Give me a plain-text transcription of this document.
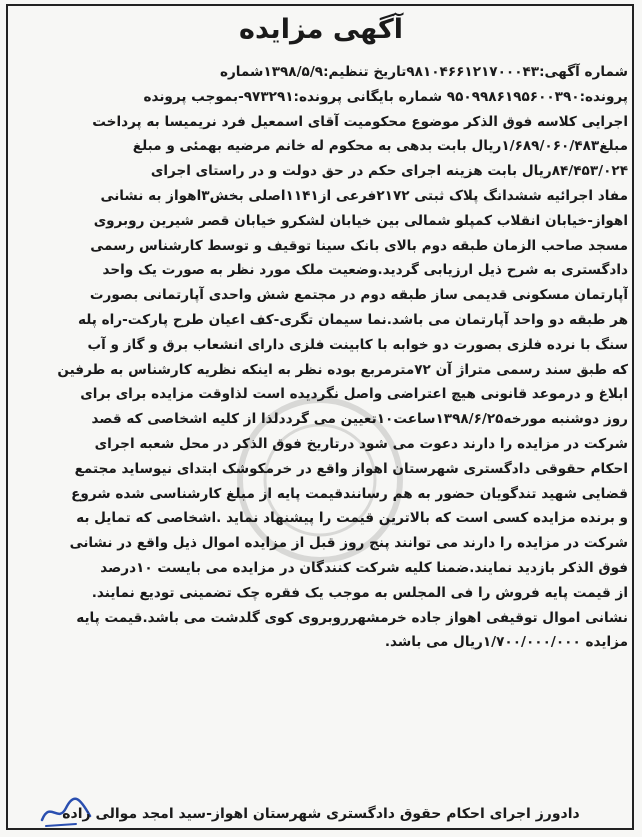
آگهی مزایده
شماره آگهی:۹۸۱۰۴۶۶۱۲۱۷۰۰۰۴۳تاریخ تنظیم:۱۳۹۸/۵/۹شماره
پرونده:۹۵۰۹۹۸۶۱۹۵۶۰۰۳۹۰ شماره بایگانی پرونده:۹۷۳۲۹۱-بموجب پرونده
اجرایی کلاسه فوق الذکر موضوع محکومیت آقای اسمعیل فرد نریمیسا به پرداخت
مبلغ۱/۶۸۹/۰۶۰/۴۸۳ریال بابت بدهی به محکوم له خانم مرضیه بهمئی و مبلغ
۸۴/۴۵۳/۰۲۴ریال بابت هزینه اجرای حکم در حق دولت و در راستای اجرای
مفاد اجرائیه ششدانگ پلاک ثبتی ۲۱۷۲فرعی از۱۱۴۱اصلی بخش۳اهواز به نشانی
اهواز-خیابان انقلاب کمپلو شمالی بین خیابان لشکرو خیابان قصر شیرین روبروی
مسجد صاحب الزمان طبقه دوم بالای بانک سینا توقیف و توسط کارشناس رسمی
دادگستری به شرح ذیل ارزیابی گردید.وضعیت ملک مورد نظر به صورت یک واحد
آپارتمان مسکونی قدیمی ساز طبقه دوم در مجتمع شش واحدی آپارتمانی بصورت
هر طبقه دو واحد آپارتمان می باشد.نما سیمان تگری-کف اعیان طرح پارکت-راه پله
سنگ با نرده فلزی بصورت دو خوابه با کابینت فلزی دارای انشعاب برق و گاز و آب
که طبق سند رسمی متراژ آن ۷۲مترمربع بوده نظر به اینکه نظریه کارشناس به طرفین
ابلاغ و درموعد قانونی هیچ اعتراضی واصل نگردیده است لذاوقت مزایده برای برای
روز دوشنبه مورخه۱۳۹۸/۶/۲۵ساعت۱۰تعیین می گرددلذا از کلیه اشخاصی که قصد
شرکت در مزایده را دارند دعوت می شود درتاریخ فوق الذکر در محل شعبه اجرای
احکام حقوقی دادگستری شهرستان اهواز واقع در خرمکوشک ابتدای نیوساید مجتمع
قضایی شهید تندگویان حضور به هم رسانندقیمت پایه از مبلغ کارشناسی شده شروع
و برنده مزایده کسی است که بالاترین قیمت را پیشنهاد نماید .اشخاصی که تمایل به
شرکت در مزایده را دارند می توانند پنج روز قبل از مزایده اموال ذیل واقع در نشانی
فوق الذکر بازدید نمایند.ضمنا کلیه شرکت کنندگان در مزایده می بایست ۱۰درصد
از قیمت پایه فروش را فی المجلس به موجب یک فقره چک تضمینی تودیع نمایند.
نشانی اموال توقیفی اهواز جاده خرمشهرروبروی کوی گلدشت می باشد.قیمت پایه
مزایده ۱/۷۰۰/۰۰۰/۰۰۰ریال می باشد.
دادورز اجرای احکام حقوق دادگستری شهرستان اهواز-سید امجد موالی زاده
